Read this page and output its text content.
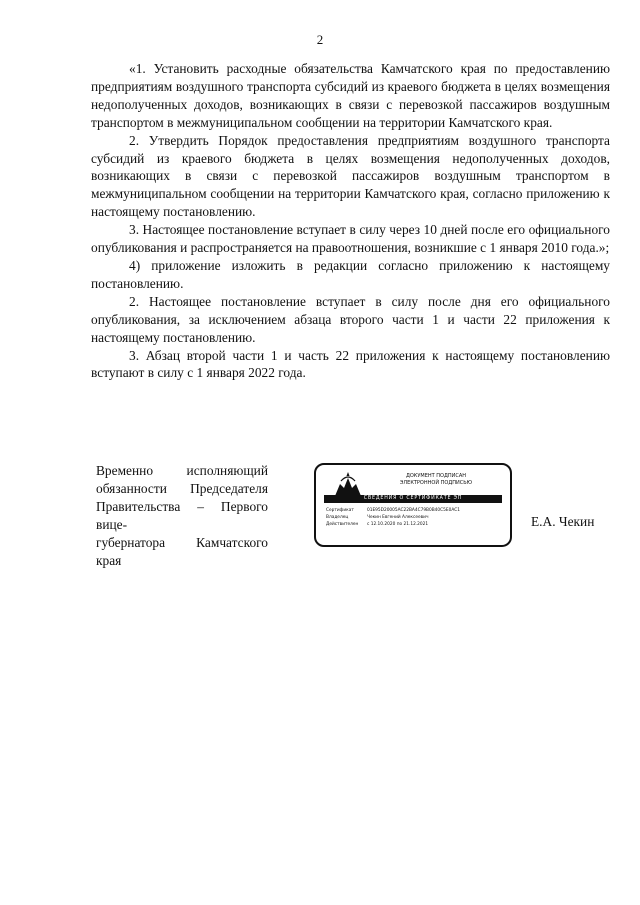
2

«1. Установить расходные обязательства Камчатского края по предоставлению предприятиям воздушного транспорта субсидий из краевого бюджета в целях возмещения недополученных доходов, возникающих в связи с перевозкой пассажиров воздушным транспортом в межмуниципальном сообщении на территории Камчатского края.

2. Утвердить Порядок предоставления предприятиям воздушного транспорта субсидий из краевого бюджета в целях возмещения недополученных доходов, возникающих в связи с перевозкой пассажиров воздушным транспортом в межмуниципальном сообщении на территории Камчатского края, согласно приложению к настоящему постановлению.

3. Настоящее постановление вступает в силу через 10 дней после его официального опубликования и распространяется на правоотношения, возникшие с 1 января 2010 года.»;

4) приложение изложить в редакции согласно приложению к настоящему постановлению.

2. Настоящее постановление вступает в силу после дня его официального опубликования, за исключением абзаца второго части 1 и части 22 приложения к настоящему постановлению.

3. Абзац второй части 1 и часть 22 приложения к настоящему постановлению вступают в силу с 1 января 2022 года.

Временно исполняющий
обязанности Председателя
Правительства – Первого вице-
губернатора Камчатского края
ДОКУМЕНТ ПОДПИСАН
ЭЛЕКТРОННОЙ ПОДПИСЬЮ
СВЕДЕНИЯ О СЕРТИФИКАТЕ ЭП
Сертификат	01E95D20005AC22BA4C79B0B40C5E0AC1
Владелец	Чекин Евгений Алексеевич
Действителен	с 12.10.2020 по 21.12.2021	Е.А. Чекин
